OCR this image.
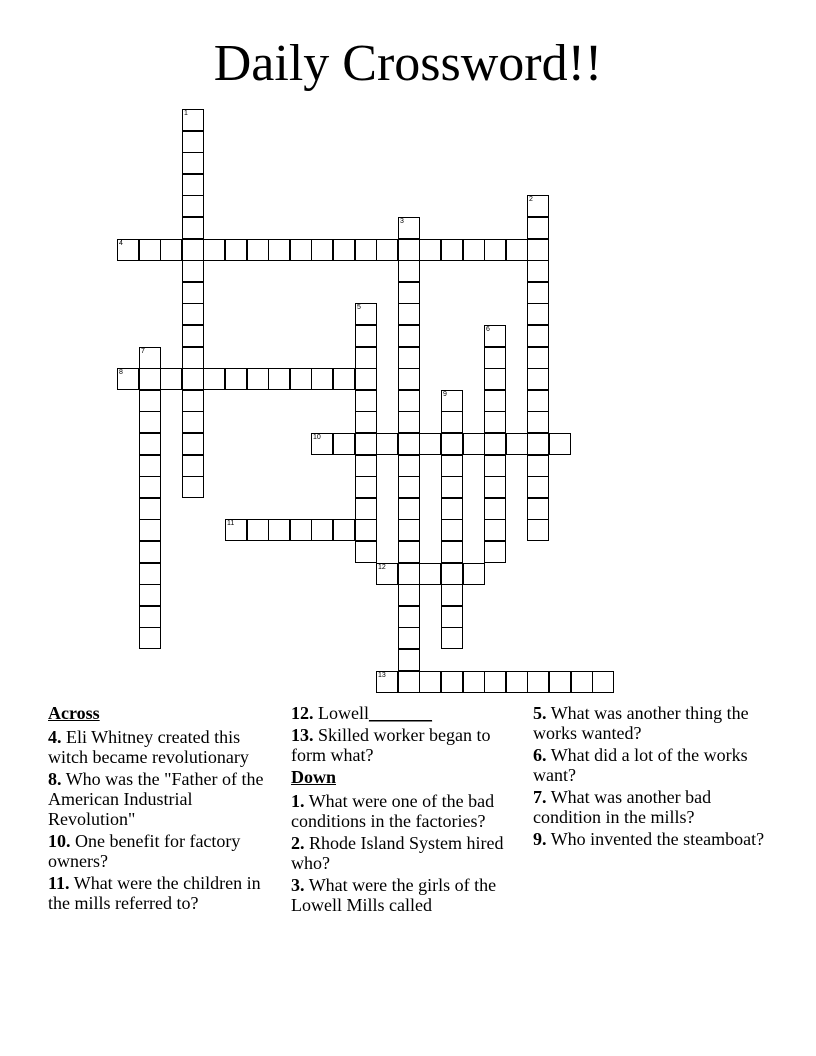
Daily Crossword!!
4
8
10
11
12
13
1
2
3
5
6
7
9
Across
4. Eli Whitney created this witch became revolutionary
8. Who was the "Father of the American Industrial Revolution"
10. One benefit for factory owners?
11. What were the children in the mills referred to?
12. Lowell_______
13. Skilled worker began to form what?
Down
1. What were one of the bad conditions in the factories?
2. Rhode Island System hired who?
3. What were the girls of the Lowell Mills called
5. What was another thing the works wanted?
6. What did a lot of the works want?
7. What was another bad condition in the mills?
9. Who invented the steamboat?
